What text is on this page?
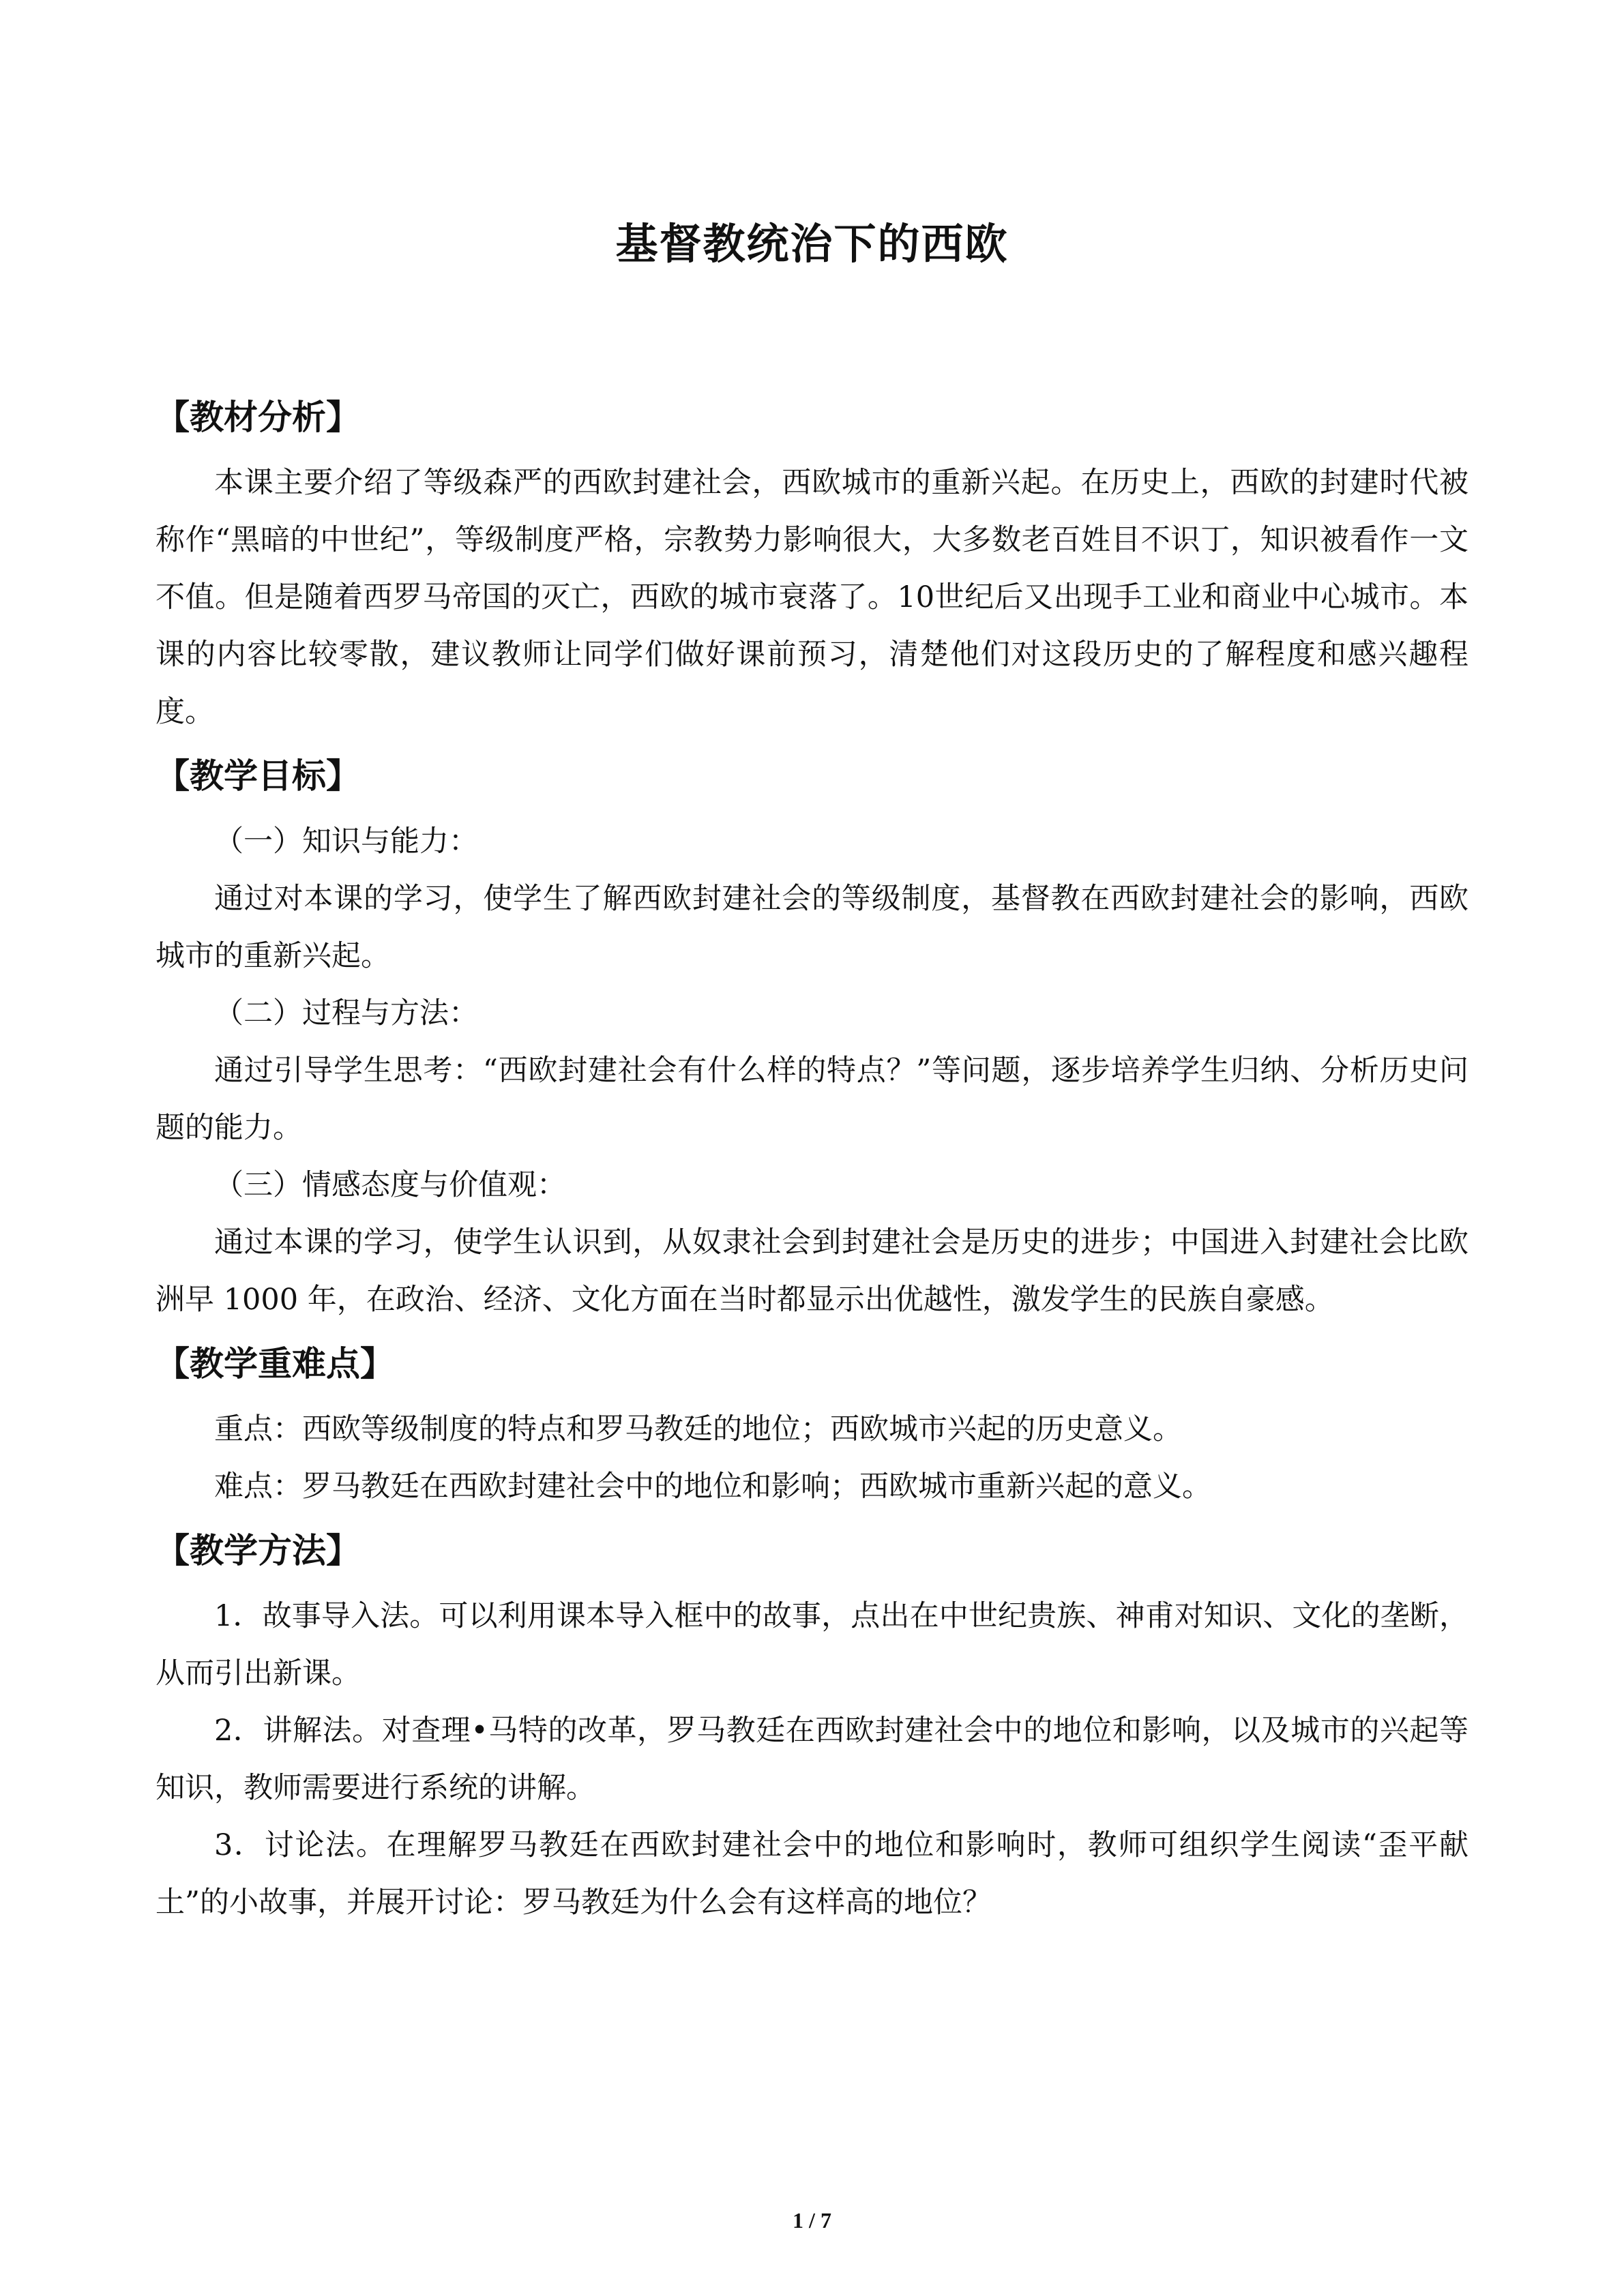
基督教统治下的西欧
【教材分析】

本课主要介绍了等级森严的西欧封建社会，西欧城市的重新兴起。在历史上，西欧的封建时代被称作“黑暗的中世纪”，等级制度严格，宗教势力影响很大，大多数老百姓目不识丁，知识被看作一文不值。但是随着西罗马帝国的灭亡，西欧的城市衰落了。10世纪后又出现手工业和商业中心城市。本课的内容比较零散，建议教师让同学们做好课前预习，清楚他们对这段历史的了解程度和感兴趣程度。

【教学目标】

（一）知识与能力：

通过对本课的学习，使学生了解西欧封建社会的等级制度，基督教在西欧封建社会的影响，西欧城市的重新兴起。

（二）过程与方法：

通过引导学生思考：“西欧封建社会有什么样的特点？”等问题，逐步培养学生归纳、分析历史问题的能力。

（三）情感态度与价值观：

通过本课的学习，使学生认识到，从奴隶社会到封建社会是历史的进步；中国进入封建社会比欧洲早 1000 年，在政治、经济、文化方面在当时都显示出优越性，激发学生的民族自豪感。

【教学重难点】

重点：西欧等级制度的特点和罗马教廷的地位；西欧城市兴起的历史意义。

难点：罗马教廷在西欧封建社会中的地位和影响；西欧城市重新兴起的意义。

【教学方法】

1．故事导入法。可以利用课本导入框中的故事，点出在中世纪贵族、神甫对知识、文化的垄断，从而引出新课。

2．讲解法。对查理•马特的改革，罗马教廷在西欧封建社会中的地位和影响，以及城市的兴起等知识，教师需要进行系统的讲解。

3．讨论法。在理解罗马教廷在西欧封建社会中的地位和影响时，教师可组织学生阅读“歪平献土”的小故事，并展开讨论：罗马教廷为什么会有这样高的地位？

1 / 7
